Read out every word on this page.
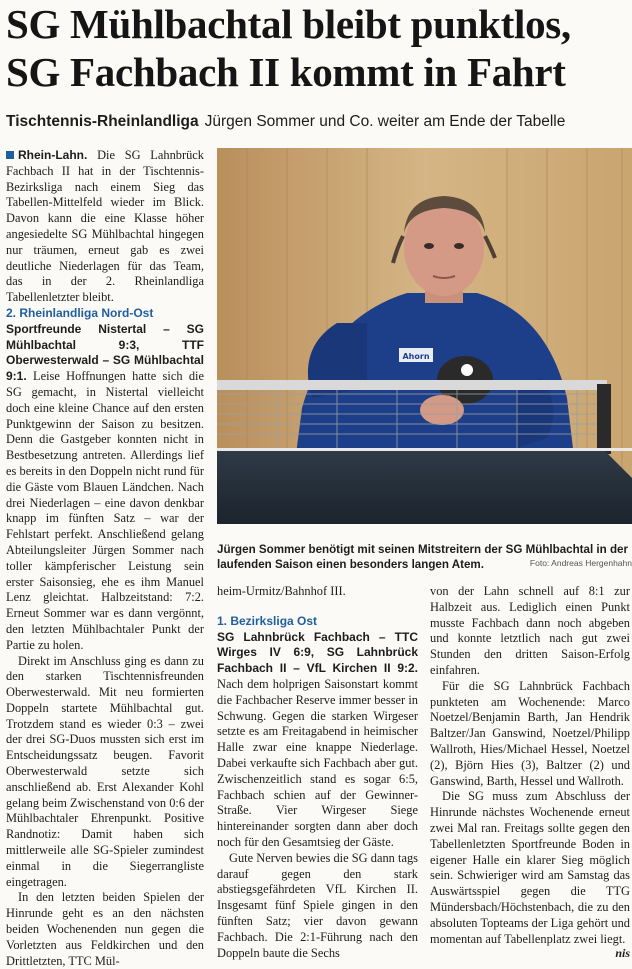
SG Mühlbachtal bleibt punktlos,
SG Fachbach II kommt in Fahrt
Tischtennis-Rheinlandliga Jürgen Sommer und Co. weiter am Ende der Tabelle

Rhein-Lahn. Die SG Lahnbrück Fachbach II hat in der Tischtennis-Bezirksliga nach einem Sieg das Tabellen-Mittelfeld wieder im Blick. Davon kann die eine Klasse höher angesiedelte SG Mühlbachtal hingegen nur träumen, erneut gab es zwei deutliche Niederlagen für das Team, das in der 2. Rheinlandliga Tabellenletzter bleibt.

2. Rheinlandliga Nord-Ost

Sportfreunde Nistertal – SG Mühlbachtal 9:3, TTF Oberwesterwald – SG Mühlbachtal 9:1. Leise Hoffnungen hatte sich die SG gemacht, in Nistertal vielleicht doch eine kleine Chance auf den ersten Punktgewinn der Saison zu besitzen. Denn die Gastgeber konnten nicht in Bestbesetzung antreten. Allerdings lief es bereits in den Doppeln nicht rund für die Gäste vom Blauen Ländchen. Nach drei Niederlagen – eine davon denkbar knapp im fünften Satz – war der Fehlstart perfekt. Anschließend gelang Abteilungsleiter Jürgen Sommer nach toller kämpferischer Leistung sein erster Saisonsieg, ehe es ihm Manuel Lenz gleichtat. Halbzeitstand: 7:2. Erneut Sommer war es dann vergönnt, den letzten Mühlbachtaler Punkt der Partie zu holen.

Direkt im Anschluss ging es dann zu den starken Tischtennisfreunden Oberwesterwald. Mit neu formierten Doppeln startete Mühlbachtal gut. Trotzdem stand es wieder 0:3 – zwei der drei SG-Duos mussten sich erst im Entscheidungssatz beugen. Favorit Oberwesterwald setzte sich anschließend ab. Erst Alexander Kohl gelang beim Zwischenstand von 0:6 der Mühlbachtaler Ehrenpunkt. Positive Randnotiz: Damit haben sich mittlerweile alle SG-Spieler zumindest einmal in die Siegerrangliste eingetragen.

In den letzten beiden Spielen der Hinrunde geht es an den nächsten beiden Wochenenden nun gegen die Vorletzten aus Feldkirchen und den Drittletzten, TTC Mül-

Ahorn
Jürgen Sommer benötigt mit seinen Mitstreitern der SG Mühlbachtal in der laufenden Saison einen besonders langen Atem.	Foto: Andreas Hergenhahn

heim-Urmitz/Bahnhof III.

1. Bezirksliga Ost

SG Lahnbrück Fachbach – TTC Wirges IV 6:9, SG Lahnbrück Fachbach II – VfL Kirchen II 9:2. Nach dem holprigen Saisonstart kommt die Fachbacher Reserve immer besser in Schwung. Gegen die starken Wirgeser setzte es am Freitagabend in heimischer Halle zwar eine knappe Niederlage. Dabei verkaufte sich Fachbach aber gut. Zwischenzeitlich stand es sogar 6:5, Fachbach schien auf der Gewinner-Straße. Vier Wirgeser Siege hintereinander sorgten dann aber doch noch für den Gesamtsieg der Gäste.

Gute Nerven bewies die SG dann tags darauf gegen den stark abstiegsgefährdeten VfL Kirchen II. Insgesamt fünf Spiele gingen in den fünften Satz; vier davon gewann Fachbach. Die 2:1-Führung nach den Doppeln baute die Sechs

von der Lahn schnell auf 8:1 zur Halbzeit aus. Lediglich einen Punkt musste Fachbach dann noch abgeben und konnte letztlich nach gut zwei Stunden den dritten Saison-Erfolg einfahren.

Für die SG Lahnbrück Fachbach punkteten am Wochenende: Marco Noetzel/Benjamin Barth, Jan Hendrik Baltzer/Jan Ganswind, Noetzel/Philipp Wallroth, Hies/Michael Hessel, Noetzel (2), Björn Hies (3), Baltzer (2) und Ganswind, Barth, Hessel und Wallroth.

Die SG muss zum Abschluss der Hinrunde nächstes Wochenende erneut zwei Mal ran. Freitags sollte gegen den Tabellenletzten Sportfreunde Boden in eigener Halle ein klarer Sieg möglich sein. Schwieriger wird am Samstag das Auswärtsspiel gegen die TTG Mündersbach/Höchstenbach, die zu den absoluten Topteams der Liga gehört und momentan auf Tabellenplatz zwei liegt.

nis
